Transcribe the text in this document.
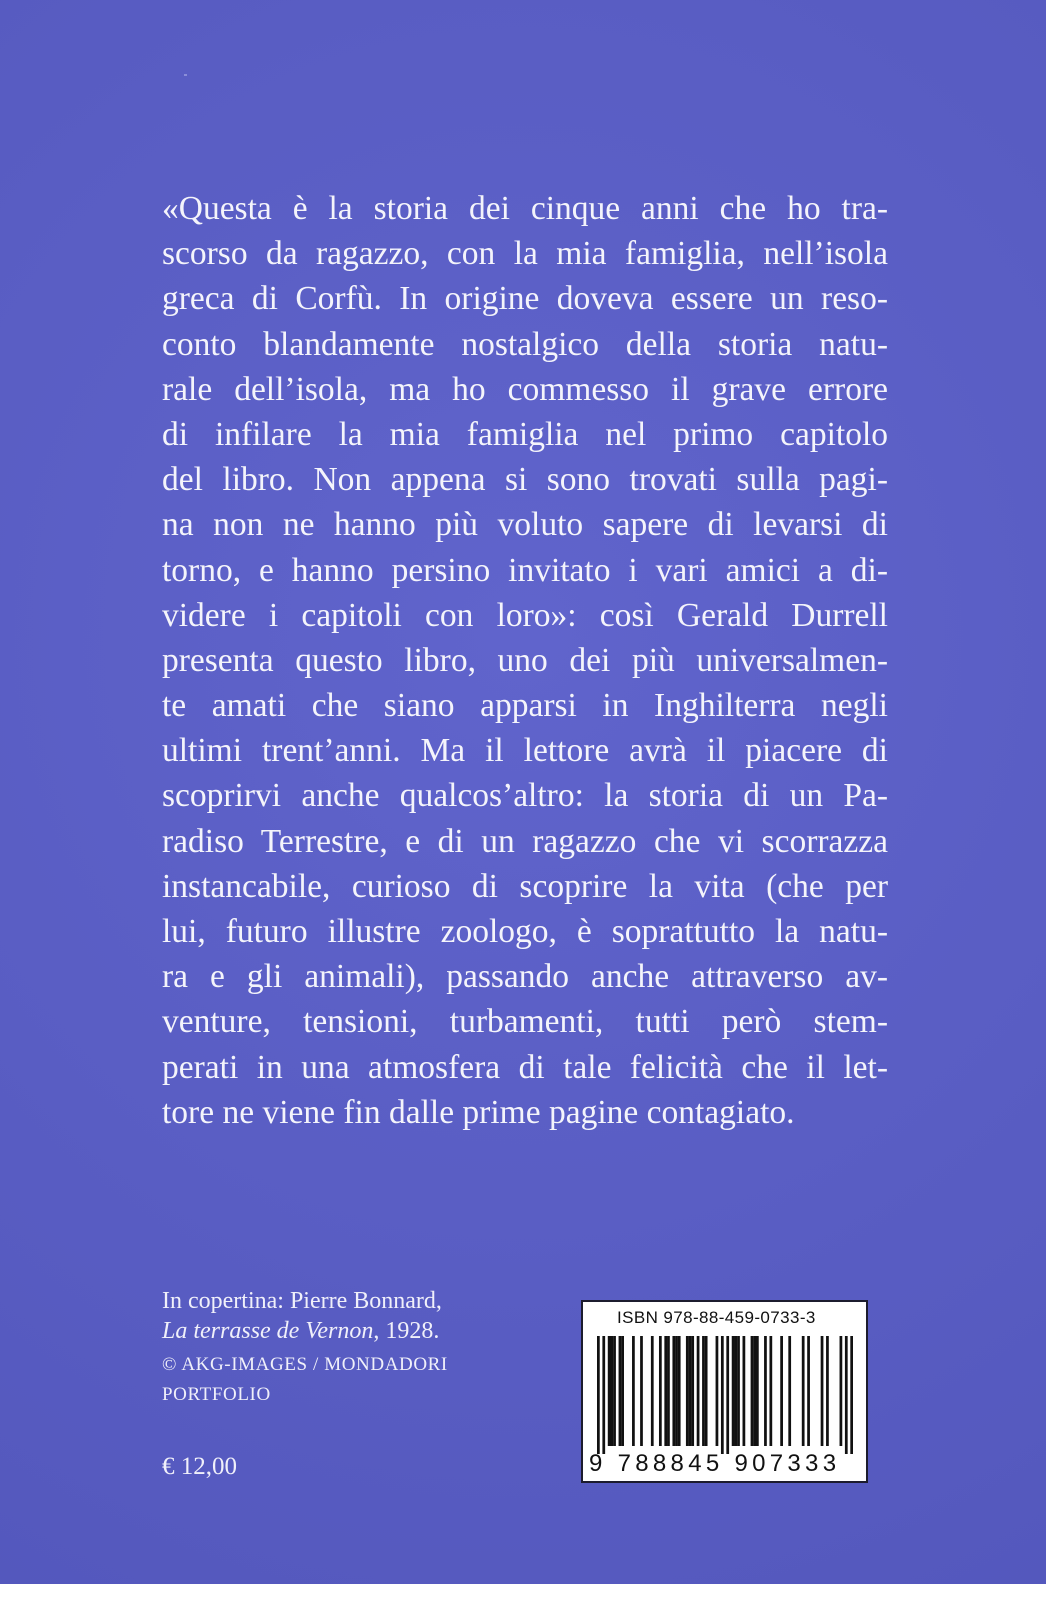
«Questa è la storia dei cinque anni che ho tra-
scorso da ragazzo, con la mia famiglia, nell’isola
greca di Corfù. In origine doveva essere un reso-
conto blandamente nostalgico della storia natu-
rale dell’isola, ma ho commesso il grave errore
di infilare la mia famiglia nel primo capitolo
del libro. Non appena si sono trovati sulla pagi-
na non ne hanno più voluto sapere di levarsi di
torno, e hanno persino invitato i vari amici a di-
videre i capitoli con loro»: così Gerald Durrell
presenta questo libro, uno dei più universalmen-
te amati che siano apparsi in Inghilterra negli
ultimi trent’anni. Ma il lettore avrà il piacere di
scoprirvi anche qualcos’altro: la storia di un Pa-
radiso Terrestre, e di un ragazzo che vi scorrazza
instancabile, curioso di scoprire la vita (che per
lui, futuro illustre zoologo, è soprattutto la natu-
ra e gli animali), passando anche attraverso av-
venture, tensioni, turbamenti, tutti però stem-
perati in una atmosfera di tale felicità che il let-
tore ne viene fin dalle prime pagine contagiato.
In copertina: Pierre Bonnard,
La terrasse de Vernon, 1928.
© AKG-IMAGES / MONDADORI
PORTFOLIO
€ 12,00
ISBN 978-88-459-0733-3
9 788845 907333
